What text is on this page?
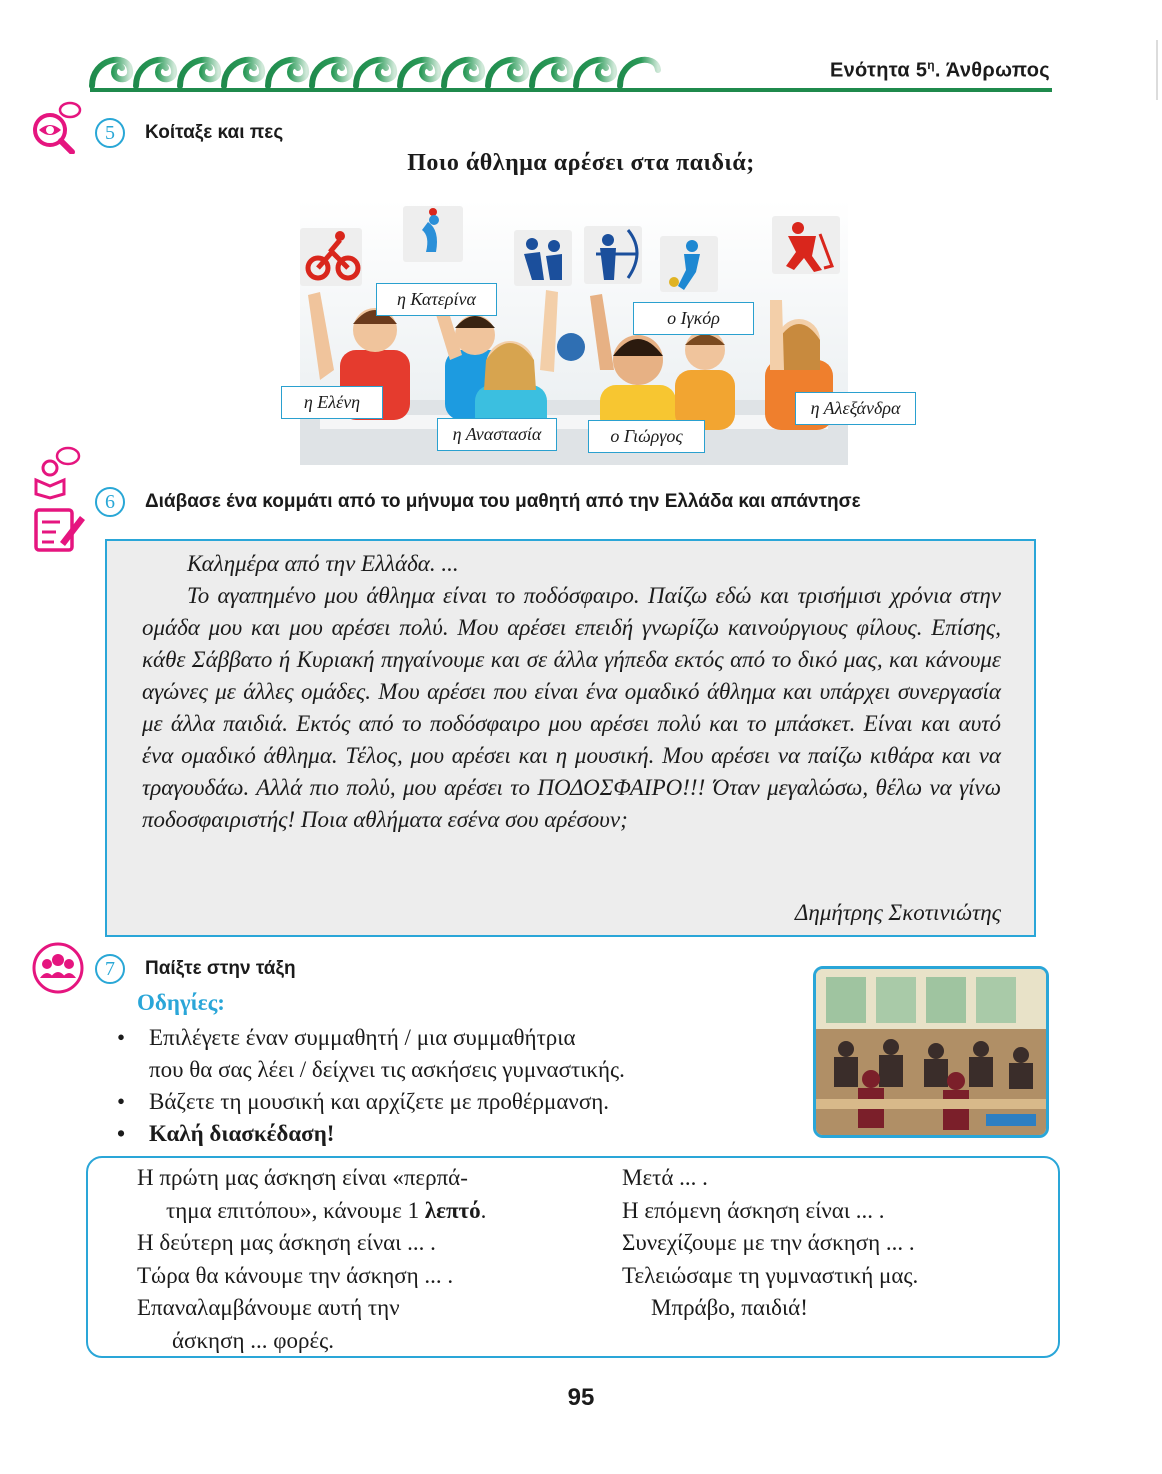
Ενότητα $5^\eta$. Άνθρωπος
5	Κοίταξε και πες
Ποιο άθλημα αρέσει στα παιδιά;
η Κατερίνα
ο Ιγκόρ
η Ελένη	η Αλεξάνδρα
η Αναστασία	ο Γιώργος
6	Διάβασε ένα κομμάτι από το μήνυμα του μαθητή από την Ελλάδα και απάντησε

Καλημέρα από την Ελλάδα. ...

Το αγαπημένο μου άθλημα είναι το ποδόσφαιρο. Παίζω εδώ και τρισήμισι χρόνια στην ομάδα μου και μου αρέσει πολύ. Μου αρέσει επειδή γνωρίζω καινούργιους φίλους. Επίσης, κάθε Σάββατο ή Κυριακή πηγαίνουμε και σε άλλα γήπεδα εκτός από το δικό μας, και κάνουμε αγώνες με άλλες ομάδες. Μου αρέσει που είναι ένα ομαδικό άθλημα και υπάρχει συνεργασία με άλλα παιδιά. Εκτός από το ποδόσφαιρο μου αρέσει πολύ και το μπάσκετ. Είναι και αυτό ένα ομαδικό άθλημα. Τέλος, μου αρέσει και η μουσική. Μου αρέσει να παίζω κιθάρα και να τραγουδάω. Αλλά πιο πολύ, μου αρέσει το ΠΟΔΟΣΦΑΙΡΟ!!! Όταν μεγαλώσω, θέλω να γίνω ποδοσφαιριστής! Ποια αθλήματα εσένα σου αρέσουν;

Δημήτρης Σκοτινιώτης
7	Παίξτε στην τάξη
Οδηγίες:
• Επιλέγετε έναν συμμαθητή / μια συμμαθήτρια
που θα σας λέει / δείχνει τις ασκήσεις γυμναστικής.
• Βάζετε τη μουσική και αρχίζετε με προθέρμανση.
• Καλή διασκέδαση!
Η πρώτη μας άσκηση είναι «περπά-
τημα επιτόπου», κάνουμε 1 λεπτό.
Η δεύτερη μας άσκηση είναι ... .
Τώρα θα κάνουμε την άσκηση ... .
Επαναλαμβάνουμε αυτή την
άσκηση ... φορές.
Μετά ... .
Η επόμενη άσκηση είναι ... .
Συνεχίζουμε με την άσκηση ... .
Τελειώσαμε τη γυμναστική μας.
Μπράβο, παιδιά!
95
